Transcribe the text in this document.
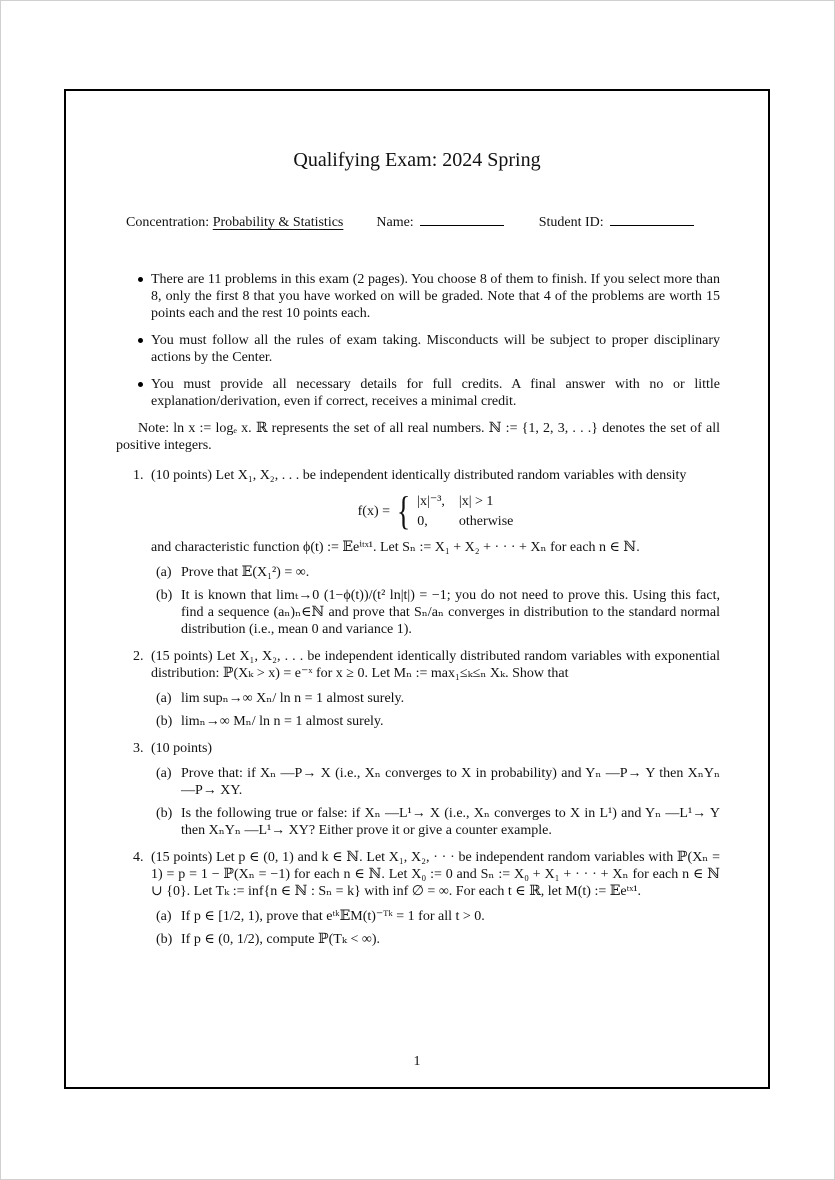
Qualifying Exam: 2024 Spring
Concentration: Probability & Statistics Name:	Student ID:
There are 11 problems in this exam (2 pages). You choose 8 of them to finish. If you select more than 8, only the first 8 that you have worked on will be graded. Note that 4 of the problems are worth 15 points each and the rest 10 points each.
You must follow all the rules of exam taking. Misconducts will be subject to proper disciplinary actions by the Center.
You must provide all necessary details for full credits. A final answer with no or little explanation/derivation, even if correct, receives a minimal credit.

Note: ln x := logₑ x. ℝ represents the set of all real numbers. ℕ := {1, 2, 3, . . .} denotes the set of all positive integers.

1. (10 points) Let X₁, X₂, . . . be independent identically distributed random variables with density
f(x) = { |x|⁻³, |x| > 1
0,	otherwise
and characteristic function ϕ(t) := 𝔼eⁱᵗˣ¹. Let Sₙ := X₁ + X₂ + · · · + Xₙ for each n ∈ ℕ.
(a) Prove that 𝔼(X₁²) = ∞.
(b) It is known that limₜ→0 (1−ϕ(t))/(t² ln|t|) = −1; you do not need to prove this. Using this fact, find a sequence (aₙ)ₙ∈ℕ and prove that Sₙ/aₙ converges in distribution to the standard normal distribution (i.e., mean 0 and variance 1).
2. (15 points) Let X₁, X₂, . . . be independent identically distributed random variables with exponential distribution: ℙ(Xₖ > x) = e⁻ˣ for x ≥ 0. Let Mₙ := max₁≤ₖ≤ₙ Xₖ. Show that
(a) lim supₙ→∞ Xₙ/ ln n = 1 almost surely.
(b) limₙ→∞ Mₙ/ ln n = 1 almost surely.
3. (10 points)
(a) Prove that: if Xₙ —P→ X (i.e., Xₙ converges to X in probability) and Yₙ —P→ Y then XₙYₙ —P→ XY.
(b) Is the following true or false: if Xₙ —L¹→ X (i.e., Xₙ converges to X in L¹) and Yₙ —L¹→ Y then XₙYₙ —L¹→ XY? Either prove it or give a counter example.
4. (15 points) Let p ∈ (0, 1) and k ∈ ℕ. Let X₁, X₂, · · · be independent random variables with ℙ(Xₙ = 1) = p = 1 − ℙ(Xₙ = −1) for each n ∈ ℕ. Let X₀ := 0 and Sₙ := X₀ + X₁ + · · · + Xₙ for each n ∈ ℕ ∪ {0}. Let Tₖ := inf{n ∈ ℕ : Sₙ = k} with inf ∅ = ∞. For each t ∈ ℝ, let M(t) := 𝔼eᵗˣ¹.
(a) If p ∈ [1/2, 1), prove that eᵗᵏ𝔼M(t)⁻ᵀᵏ = 1 for all t > 0.
(b) If p ∈ (0, 1/2), compute ℙ(Tₖ < ∞).
1
